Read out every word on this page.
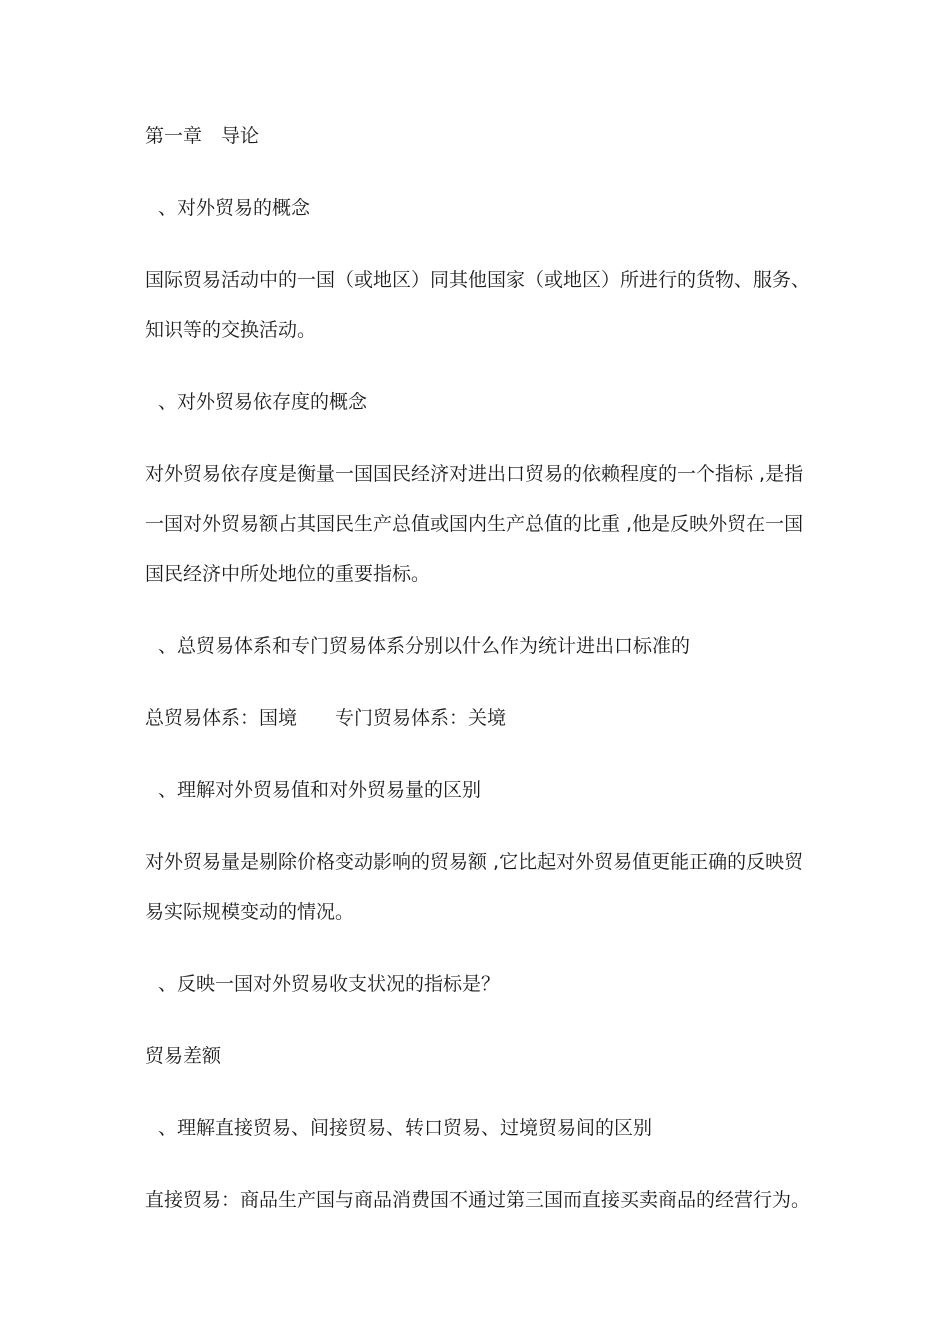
第一章　导论
、对外贸易的概念
国际贸易活动中的一国（或地区）同其他国家（或地区）所进行的货物、服务、
知识等的交换活动。
、对外贸易依存度的概念
对外贸易依存度是衡量一国国民经济对进出口贸易的依赖程度的一个指标 ,是指
一国对外贸易额占其国民生产总值或国内生产总值的比重 ,他是反映外贸在一国
国民经济中所处地位的重要指标。
、总贸易体系和专门贸易体系分别以什么作为统计进出口标准的
总贸易体系：国境 专门贸易体系：关境
、理解对外贸易值和对外贸易量的区别
对外贸易量是剔除价格变动影响的贸易额 ,它比起对外贸易值更能正确的反映贸
易实际规模变动的情况。
、反映一国对外贸易收支状况的指标是？
贸易差额
、理解直接贸易、间接贸易、转口贸易、过境贸易间的区别
直接贸易：商品生产国与商品消费国不通过第三国而直接买卖商品的经营行为。
